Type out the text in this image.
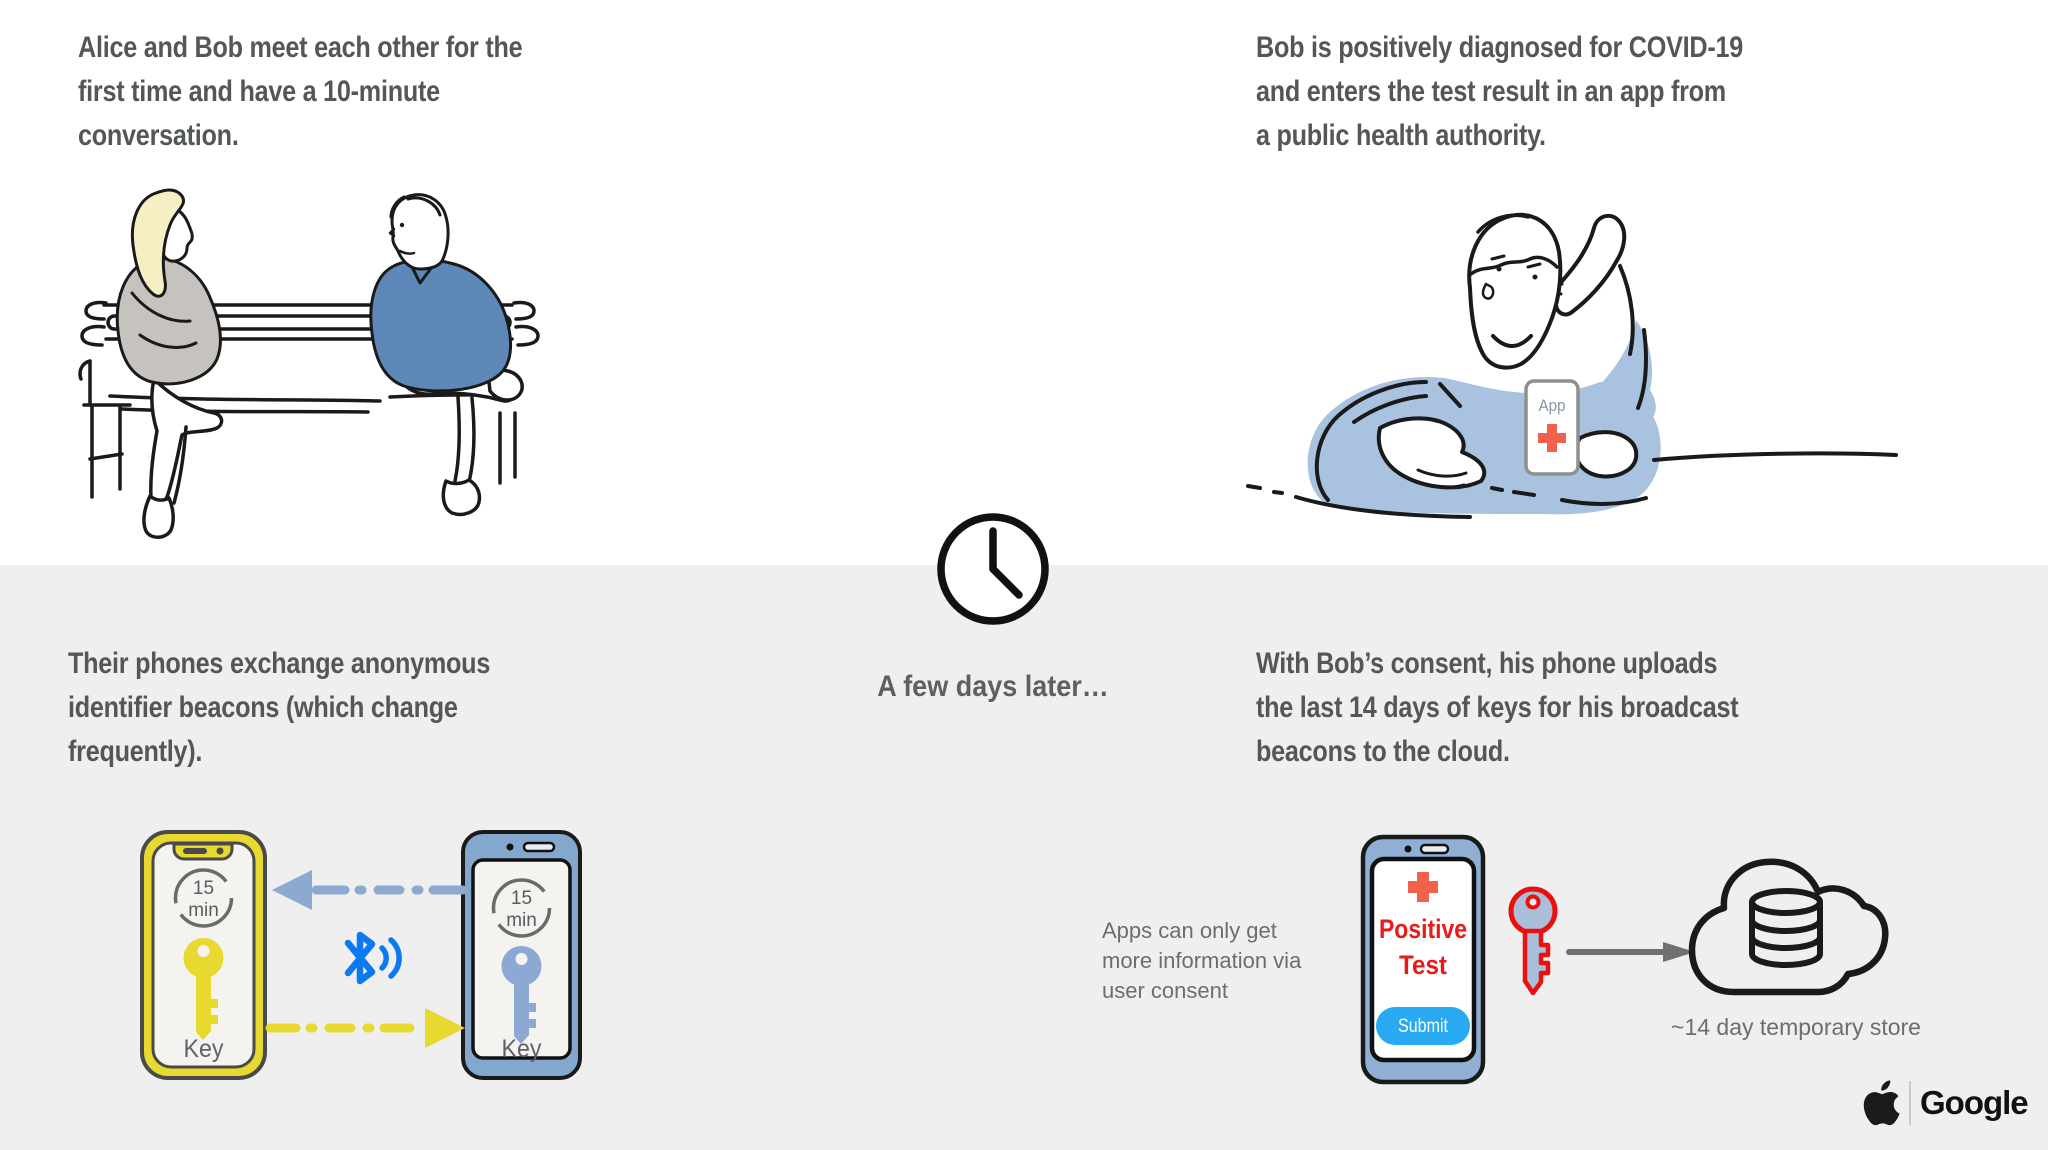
Alice and Bob meet each other for the
first time and have a 10-minute
conversation.
Bob is positively diagnosed for COVID-19
and enters the test result in an app from
a public health authority.
App
A few days later…
Their phones exchange anonymous
identifier beacons (which change
frequently).
15
min
Key
15
min
Key
With Bob’s consent, his phone uploads
the last 14 days of keys for his broadcast
beacons to the cloud.
Apps can only get
more information via
user consent
Positive
Test
Submit	~14 day temporary store
Google
